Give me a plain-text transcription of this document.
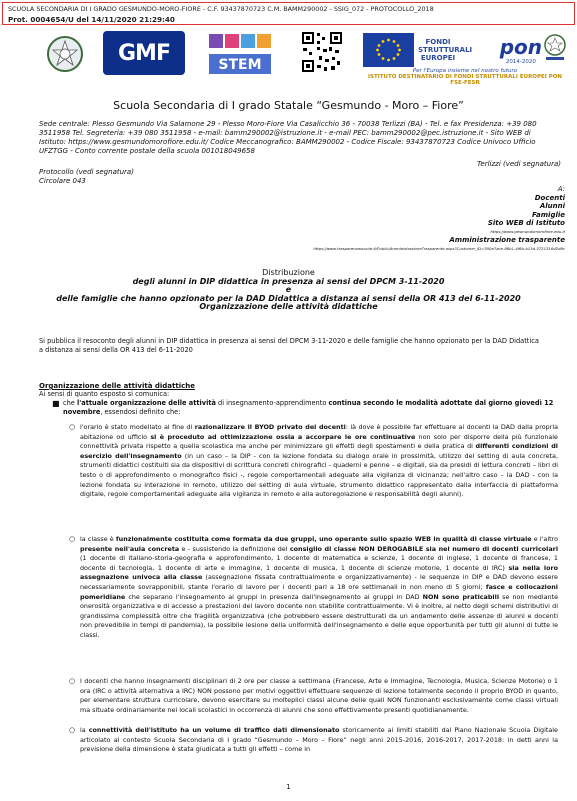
SCUOLA SECONDARIA DI I GRADO GESMUNDO-MORO-FIORE - C.F. 93437870723 C.M. BAMM290002 - SSIG_072 - PROTOCOLLO_2018
Prot. 0004654/U del 14/11/2020 21:29:40
GMF	STEM
FONDI STRUTTURALI EUROPEI pon
2014-2020
Per l'Europa insieme nel nostro futuro
ISTITUTO DESTINATARIO DI FONDI STRUTTURALI EUROPEI PON FSE-FESR
Scuola Secondaria di I grado Statale “Gesmundo - Moro – Fiore”
Sede centrale: Plesso Gesmundo Via Salamone 29 - Plesso Moro-Fiore Via Casalicchio 36 - 70038 Terlizzi (BA) - Tel. e fax Presidenza: +39 080 3511958 Tel. Segreteria: +39 080 3511958 - e-mail: bamm290002@istruzione.it - e-mail PEC: bamm290002@pec.istruzione.it - Sito WEB di Istituto: https://www.gesmundomorofiore.edu.it/ Codice Meccanografico: BAMM290002 - Codice Fiscale: 93437870723 Codice Univoco Ufficio UFZTGG - Conto corrente postale della scuola 001018049658
Terlizzi (vedi segnatura)
Protocollo (vedi segnatura)
Circolare 043
A:
Docenti
Alunni
Famiglie
Sito WEB di Istituto
https://www.gesmundomorofiore.edu.it
Amministrazione trasparente
https://www.trasparenzascuole.it/Public/AmministrazioneTrasparente.aspx?Customer_ID=300e7ace-86b1-4f6b-b13d-3721316d2d8c
Distribuzione
degli alunni in DIP didattica in presenza ai sensi del DPCM 3-11-2020
e
delle famiglie che hanno opzionato per la DAD Didattica a distanza ai sensi della OR 413 del 6-11-2020
Organizzazione delle attività didattiche
Si pubblica il resoconto degli alunni in DIP didattica in presenza ai sensi del DPCM 3-11-2020 e delle famiglie che hanno opzionato per la DAD Didattica a distanza ai sensi della OR 413 del 6-11-2020
Organizzazione delle attività didattiche
Ai sensi di quanto esposto si comunica:
■ che l'attuale organizzazione delle attività di insegnamento-apprendimento continua secondo le modalità adottate dal giorno giovedì 12 novembre, essendosi definito che:
○ l'orario è stato modellato al fine di razionalizzare il BYOD privato dei docenti: là dove è possibile far effettuare ai docenti la DAD dalla propria abitazione od ufficio si è proceduto ad ottimizzazione ossia a accorpare le ore continuative non solo per disporre della più funzionale connettività privata rispetto a quella scolastica ma anche per minimizzare gli effetti degli spostamenti e della pratica di differenti condizioni di esercizio dell'insegnamento (in un caso – la DIP - con la lezione fondata su dialogo orale in prossimità, utilizzo del setting di aula concreta, strumenti didattici costituiti sia da dispositivi di scrittura concreti chirografici - quaderni e penne – e digitali, sia da presidi di lettura concreti – libri di testo o di approfondimento o monografico fisici -, regole comportamentali adeguate alla vigilanza di vicinanza; nell'altro caso – la DAD - con la lezione fondata su interazione in remoto, utilizzo del setting di aula virtuale, strumento didattico rappresentato dalla interfaccia di piattaforma digitale, regole comportamentali adeguate alla vigilanza in remoto e alla autoregolazione e responsabilità degli alunni).
○ la classe è funzionalmente costituita come formata da due gruppi, uno operante sullo spazio WEB in qualità di classe virtuale e l'altro presente nell'aula concreta e - sussistendo la definizione del consiglio di classe NON DEROGABILE sia nel numero di docenti curricolari (1 docente di italiano-storia-geografia e approfondimento, 1 docente di matematica e scienze, 1 docente di inglese, 1 docente di francese, 1 docente di tecnologia, 1 docente di arte e immagine, 1 docente di musica, 1 docente di scienze motorie, 1 docente di IRC) sia nella loro assegnazione univoca alla classe (assegnazione fissata contrattualmente e organizzativamente) - le sequenze in DIP e DAD devono essere necessariamente sovrapponibili, stante l'orario di lavoro per i docenti pari a 18 ore settimanali in non meno di 5 giorni; fasce e collocazioni pomeridiane che separano l'insegnamento ai gruppi in presenza dall'insegnamento ai gruppi in DAD NON sono praticabili se non mediante onerosità organizzativa e di accesso a prestazioni del lavoro docente non stabilite contrattualmente. Vi è inoltre, al netto degli schemi distributivi di grandissima complessità oltre che fragilità organizzativa (che potrebbero essere destrutturati da un andamento delle assenze di alunni e docenti non prevedibile in tempi di pandemia), la possibile lesione della uniformità dell'insegnamento e delle eque opportunità per tutti gli alunni di tutte le classi.
○ I docenti che hanno insegnamenti disciplinari di 2 ore per classe a settimana (Francese, Arte e Immagine, Tecnologia, Musica, Scienze Motorie) o 1 ora (IRC o attività alternativa a IRC) NON possono per motivi oggettivi effettuare sequenze di lezione totalmente secondo il proprio BYOD in quanto, per elementare struttura curricolare, devono esercitare su molteplici classi alcune delle quali NON funzionanti esclusivamente come classi virtuali ma situate ordinariamente nei locali scolastici in occorrenza di alunni che sono effettivamente presenti quotidianamente.
○ la connettività dell'istituto ha un volume di traffico dati dimensionato storicamente ai limiti stabiliti dal Piano Nazionale Scuola Digitale articolato al contesto Scuola Secondaria di I grado “Gesmundo – Moro – Fiore” negli anni 2015-2016, 2016-2017, 2017-2018: in detti anni la previsione della dimensione è stata giudicata a tutti gli effetti – come in
1
